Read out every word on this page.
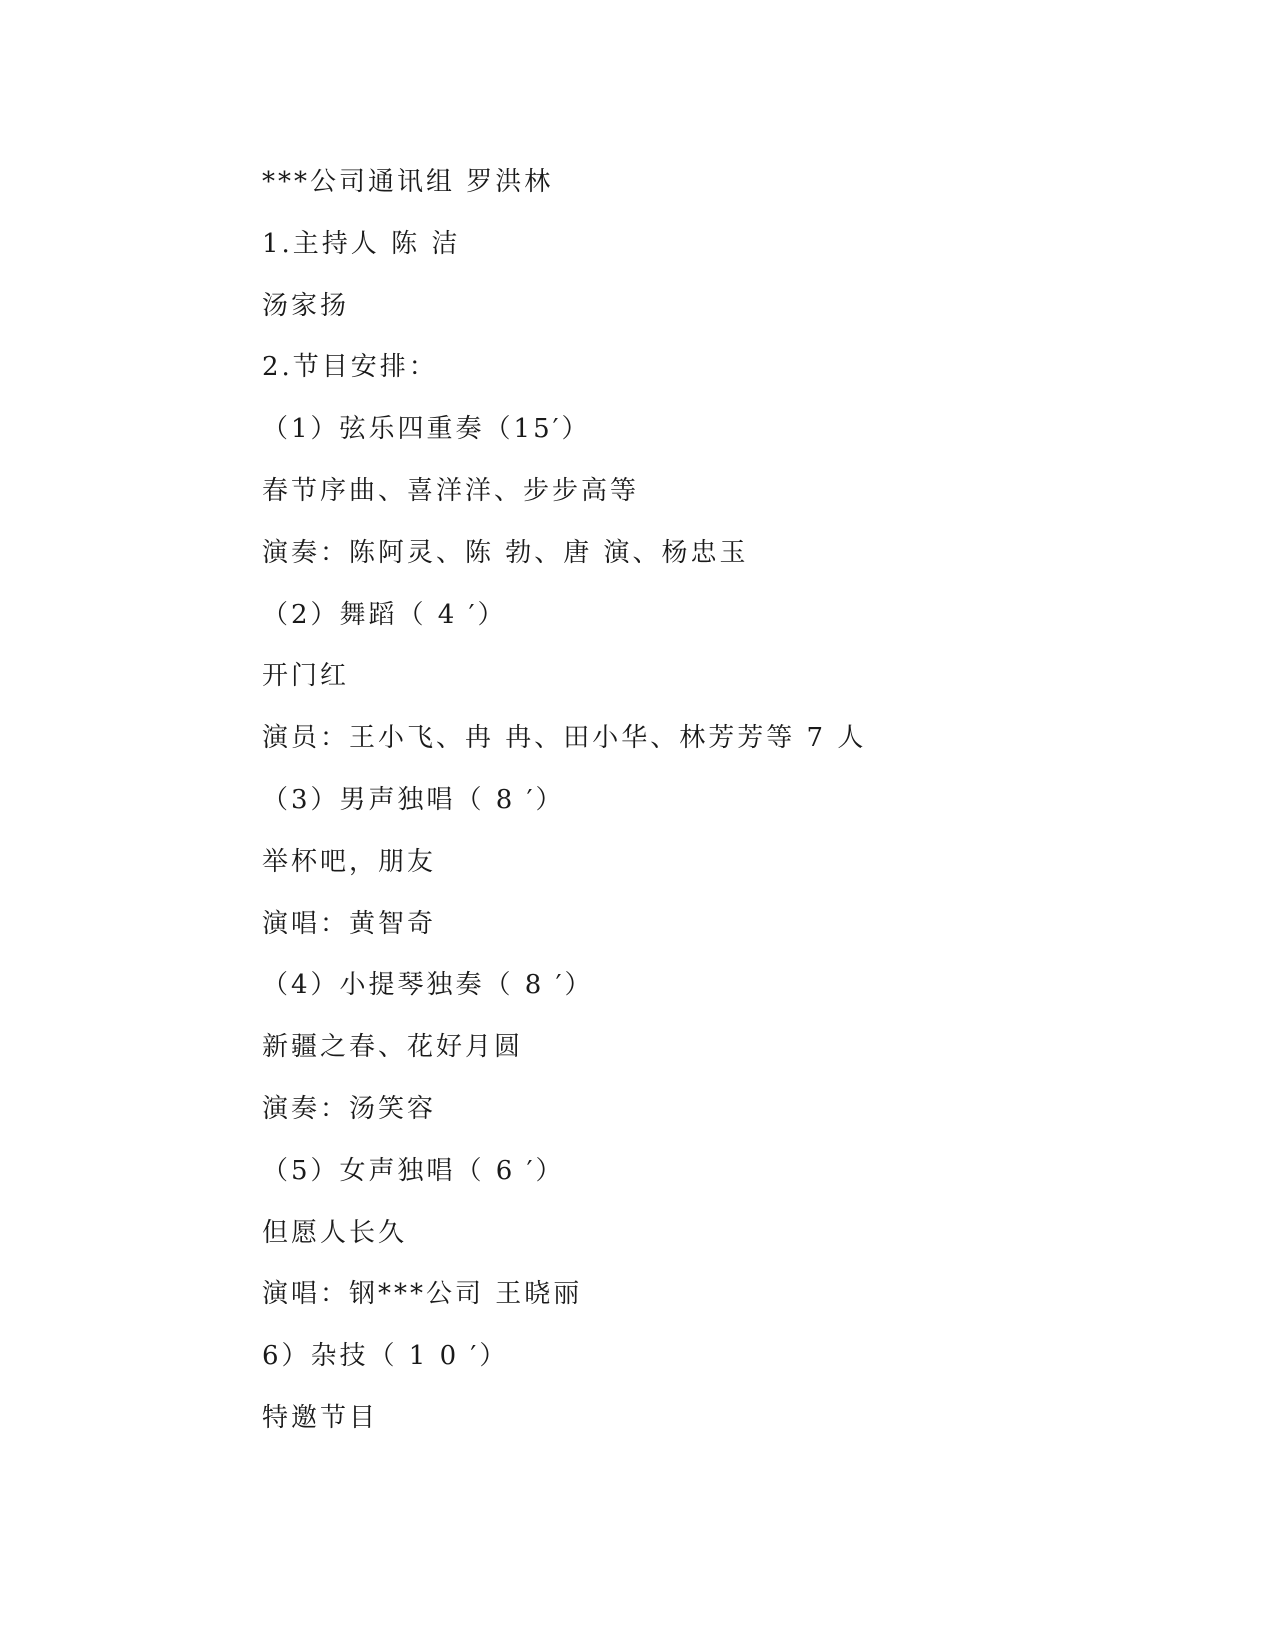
***公司通讯组 罗洪林
1.主持人 陈 洁
汤家扬
2.节目安排：
（1）弦乐四重奏（15′）
春节序曲、喜洋洋、步步高等
演奏：陈阿灵、陈 勃、唐 演、杨忠玉
（2）舞蹈（ 4 ′）
开门红
演员：王小飞、冉 冉、田小华、林芳芳等 7 人
（3）男声独唱（ 8 ′）
举杯吧，朋友
演唱：黄智奇
（4）小提琴独奏（ 8 ′）
新疆之春、花好月圆
演奏：汤笑容
（5）女声独唱（ 6 ′）
但愿人长久
演唱：钢***公司 王晓丽
6）杂技（ 1 0 ′）
特邀节目
